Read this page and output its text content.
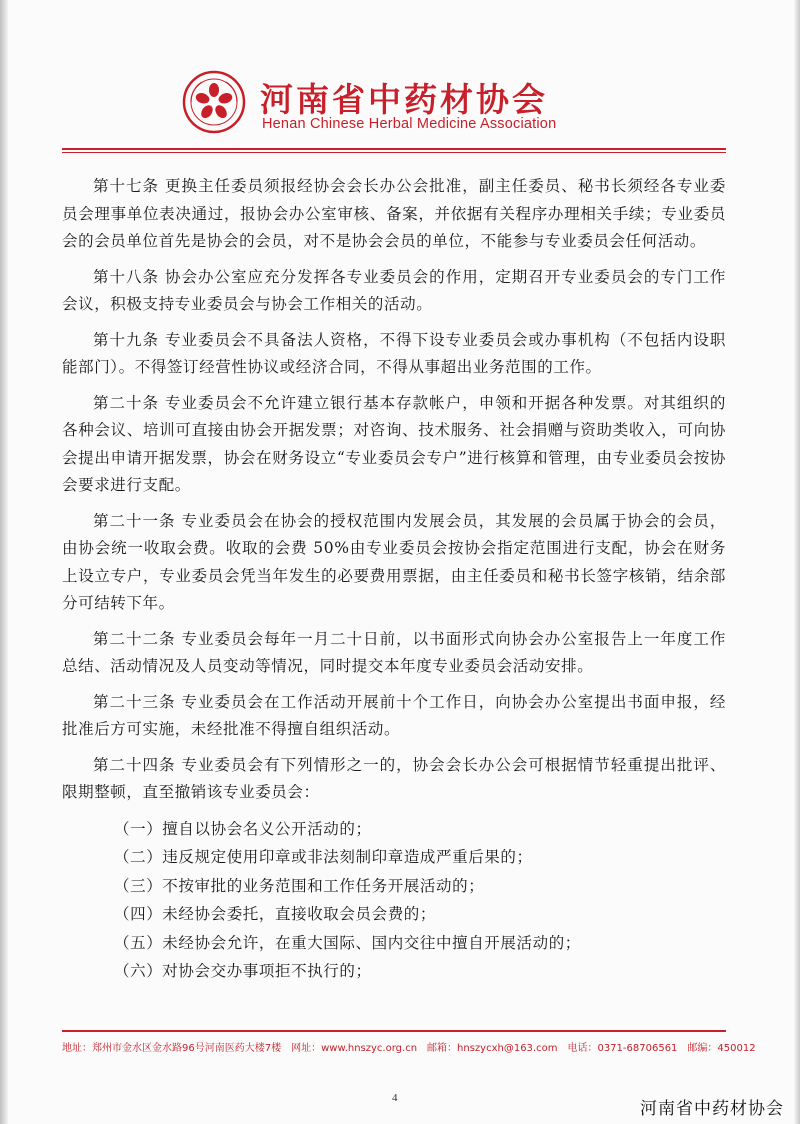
河南省中药材协会
Henan Chinese Herbal Medicine Association

第十七条 更换主任委员须报经协会会长办公会批准，副主任委员、秘书长须经各专业委员会理事单位表决通过，报协会办公室审核、备案，并依据有关程序办理相关手续；专业委员会的会员单位首先是协会的会员，对不是协会会员的单位，不能参与专业委员会任何活动。

第十八条 协会办公室应充分发挥各专业委员会的作用，定期召开专业委员会的专门工作会议，积极支持专业委员会与协会工作相关的活动。

第十九条 专业委员会不具备法人资格，不得下设专业委员会或办事机构（不包括内设职能部门）。不得签订经营性协议或经济合同，不得从事超出业务范围的工作。

第二十条 专业委员会不允许建立银行基本存款帐户，申领和开据各种发票。对其组织的各种会议、培训可直接由协会开据发票；对咨询、技术服务、社会捐赠与资助类收入，可向协会提出申请开据发票，协会在财务设立“专业委员会专户”进行核算和管理，由专业委员会按协会要求进行支配。

第二十一条 专业委员会在协会的授权范围内发展会员，其发展的会员属于协会的会员，由协会统一收取会费。收取的会费 50%由专业委员会按协会指定范围进行支配，协会在财务上设立专户，专业委员会凭当年发生的必要费用票据，由主任委员和秘书长签字核销，结余部分可结转下年。

第二十二条 专业委员会每年一月二十日前，以书面形式向协会办公室报告上一年度工作总结、活动情况及人员变动等情况，同时提交本年度专业委员会活动安排。

第二十三条 专业委员会在工作活动开展前十个工作日，向协会办公室提出书面申报，经批准后方可实施，未经批准不得擅自组织活动。

第二十四条 专业委员会有下列情形之一的，协会会长办公会可根据情节轻重提出批评、限期整顿，直至撤销该专业委员会：

（一）擅自以协会名义公开活动的；
（二）违反规定使用印章或非法刻制印章造成严重后果的；
（三）不按审批的业务范围和工作任务开展活动的；
（四）未经协会委托，直接收取会员会费的；
（五）未经协会允许，在重大国际、国内交往中擅自开展活动的；
（六）对协会交办事项拒不执行的；
地址：郑州市金水区金水路96号河南医药大楼7楼　网址：www.hnszyc.org.cn　邮箱：hnszycxh@163.com　电话：0371-68706561　邮编：450012
4
河南省中药材协会
